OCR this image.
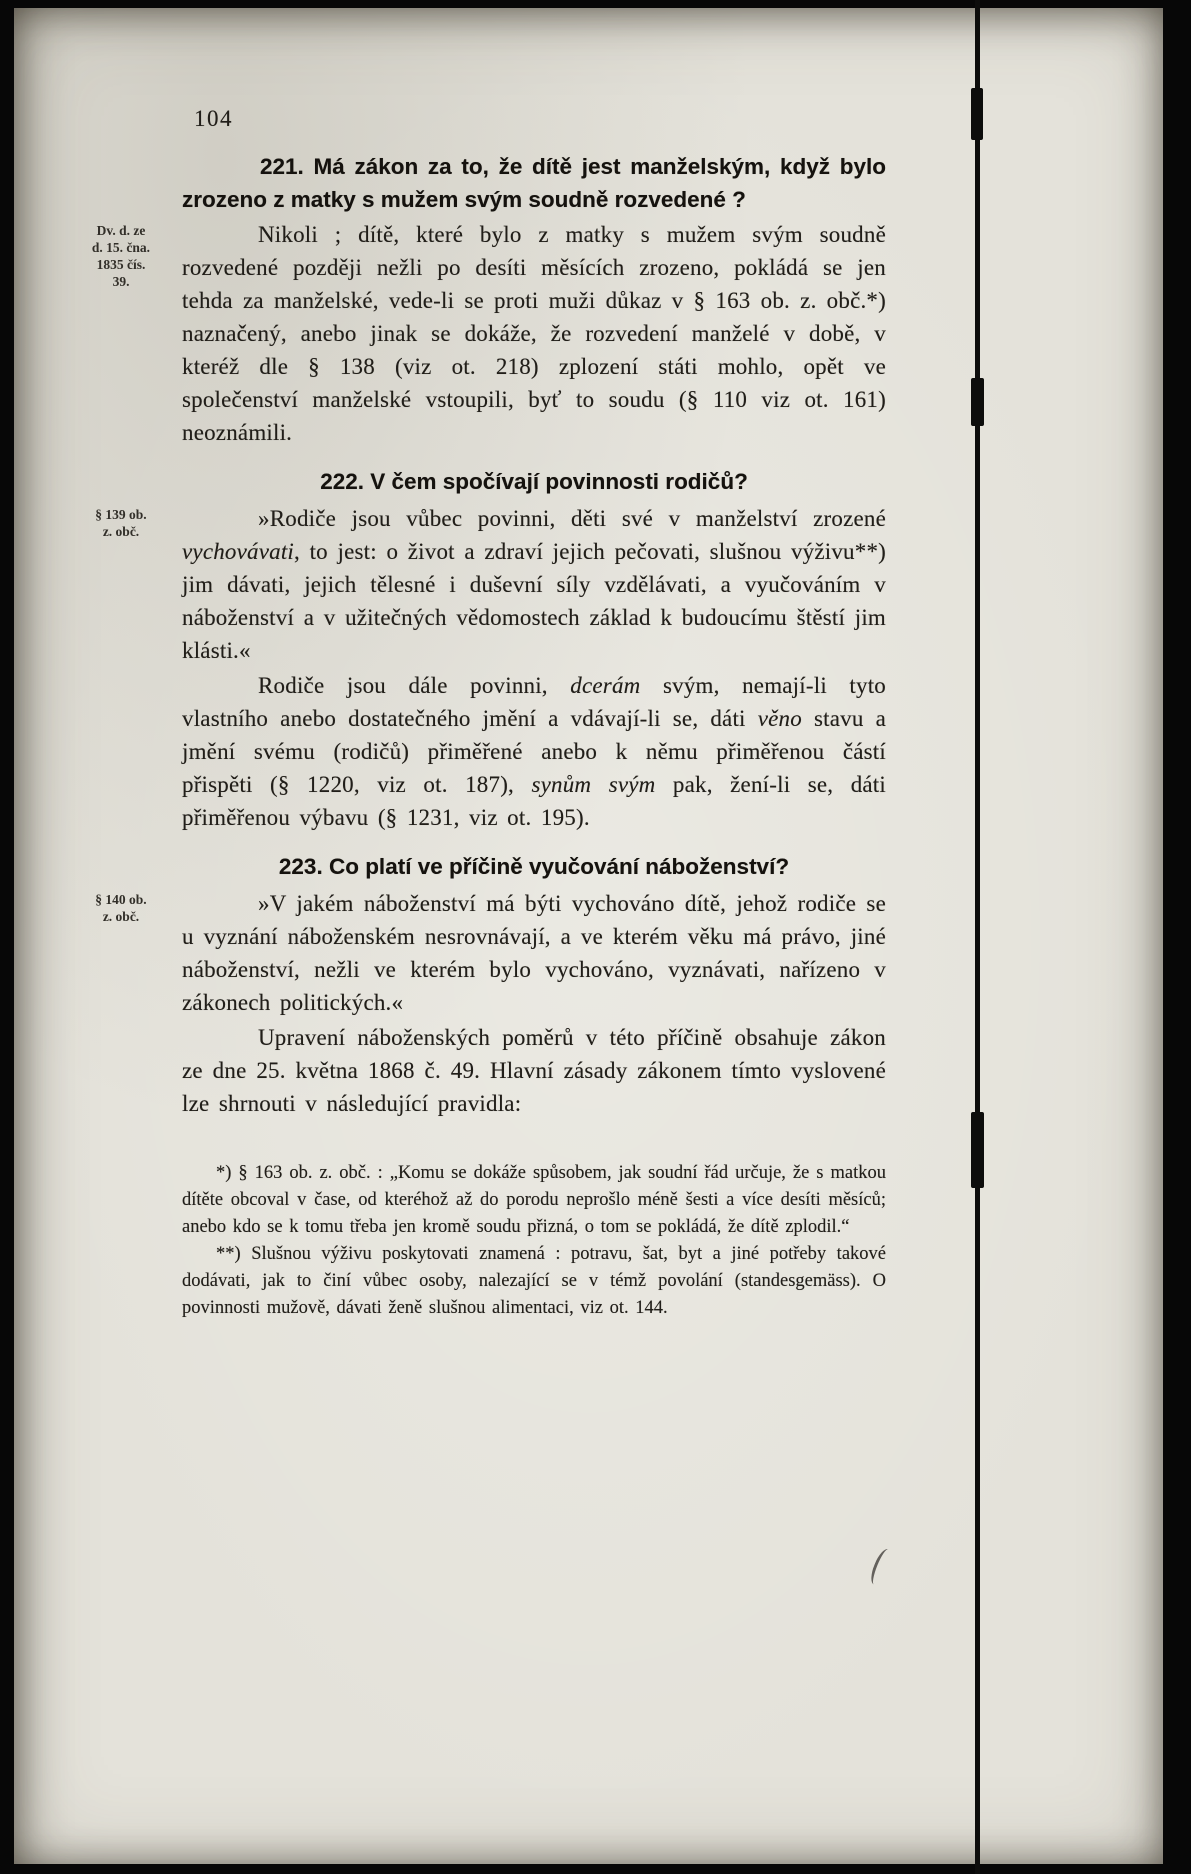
104
221. Má zákon za to, že dítě jest manželským, když bylo zrozeno z matky s mužem svým soudně rozvedené ?
Dv. d. ze
d. 15. čna.
1835 čís.
39.

Nikoli ; dítě, které bylo z matky s mužem svým soudně rozvedené později nežli po desíti měsících zrozeno, pokládá se jen tehda za manželské, vede-li se proti muži důkaz v § 163 ob. z. obč.*) naznačený, anebo jinak se dokáže, že rozvedení manželé v době, v kteréž dle § 138 (viz ot. 218) zplození státi mohlo, opět ve společenství manželské vstoupili, byť to soudu (§ 110 viz ot. 161) neoznámili.

222. V čem spočívají povinnosti rodičů?
§ 139 ob.
z. obč.

»Rodiče jsou vůbec povinni, děti své v manželství zrozené vychovávati, to jest: o život a zdraví jejich pečovati, slušnou výživu**) jim dávati, jejich tělesné i duševní síly vzdělávati, a vyučováním v náboženství a v užitečných vědomostech základ k budoucímu štěstí jim klásti.«

Rodiče jsou dále povinni, dcerám svým, nemají-li tyto vlastního anebo dostatečného jmění a vdávají-li se, dáti věno stavu a jmění svému (rodičů) přiměřené anebo k němu přiměřenou částí přispěti (§ 1220, viz ot. 187), synům svým pak, žení-li se, dáti přiměřenou výbavu (§ 1231, viz ot. 195).

223. Co platí ve příčině vyučování náboženství?
§ 140 ob.
z. obč.

»V jakém náboženství má býti vychováno dítě, jehož rodiče se u vyznání náboženském nesrovnávají, a ve kterém věku má právo, jiné náboženství, nežli ve kterém bylo vychováno, vyznávati, nařízeno v zákonech politických.«

Upravení náboženských poměrů v této příčině obsahuje zákon ze dne 25. května 1868 č. 49. Hlavní zásady zákonem tímto vyslovené lze shrnouti v následující pravidla:

*) § 163 ob. z. obč. : „Komu se dokáže spůsobem, jak soudní řád určuje, že s matkou dítěte obcoval v čase, od kteréhož až do porodu neprošlo méně šesti a více desíti měsíců; anebo kdo se k tomu třeba jen kromě soudu přizná, o tom se pokládá, že dítě zplodil.“

**) Slušnou výživu poskytovati znamená : potravu, šat, byt a jiné potřeby takové dodávati, jak to činí vůbec osoby, nalezající se v témž povolání (standesgemäss). O povinnosti mužově, dávati ženě slušnou alimentaci, viz ot. 144.
